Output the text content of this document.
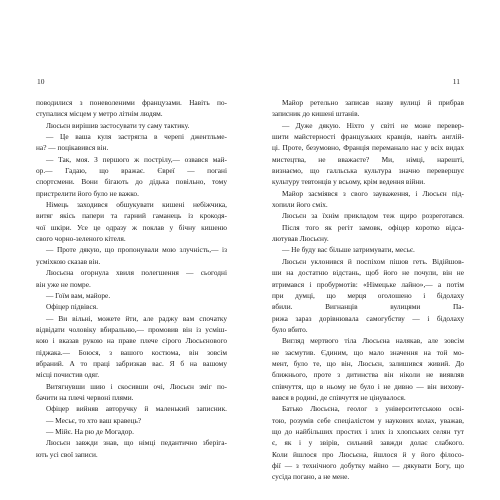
10
поводилися з поневоленими французами. Навіть по-
ступалися місцем у метро літнім людям.
Люсьєн вирішив застосувати ту саму тактику.
— Це ваша куля застрягла в черепі джентльме-
на? — поцікавився він.
— Так, моя. З першого ж пострілу,— озвався май-
ор.— Гадаю, що вражає. Євреї — погані
спортсмени. Вони бігають до дідька повільно, тому
пристрелити його було не важко.
Німець заходився обшукувати кишені небіжчика,
витяг якісь папери та гарний гаманець із крокодя-
чої шкіри. Усе це одразу ж поклав у бічну кишеню
свого чорно-зеленого кітеля.
— Проте дякую, що пропонували мою злучність,— із
усміхкою сказав він.
Люсьєна огорнула хвиля полегшення — сьогодні
він уже не помре.
— Гоїм вам, майоре.
Офіцер підвівся.
— Ви вільні, можете йти, але раджу вам спочатку
відвідати чоловіку вбиральню,— промовив він із усміш-
кою і вказав рукою на праве плече сірого Люсьєнового
піджака.— Боюся, з вашого костюма, він зовсім
вбраний. А то праці забризкав вас. Я б на вашому
місці почистив одяг.
Витягнувши шию і скосивши очі, Люсьєн зміг по-
бачити на плечі червоні плями.
Офіцер вийняв авторучку й маленький записник.
— Месьє, то хто ваш кравець?
— Мійє. На рю де Могадор.
Люсьєн завжди знав, що німці педантично зберіга-
ють усі свої записи.
11
Майор ретельно записав назву вулиці й прибрав
записник до кишені штанів.
— Дуже дякую. Ніхто у світі не може перевер-
шити майстерності французьких кравців, навіть англій-
ці. Проте, безумовно, Франція переманало нас у всіх видах
мистецтва, не вважаєте? Ми, німці, нарешті,
визнаємо, що галльська культура значно перевершує
культуру тевтонців у всьому, крім ведення війни.
Майор засміявся з свого зауваження, і Люсьєн під-
хопили його сміх.
Люсьєн за їхнім прикладом теж щиро розреготався.
Після того як регіт замовк, офіцер коротко відса-
лютував Люсьєну.
— Не буду вас більше затримувати, месьє.
Люсьєн уклонився й поспіхом пішов геть. Відійшов-
ши на достатню відстань, щоб його не почули, він не
втримався і пробурмотів: «Німецьке лайно»,— а потім
при думці, що мерця оголошено і бідолаху
вбили. Вигнанців вулицями Па-
рижа зараз дорівнювала самогубству — і бідолаху
було вбито.
Вигляд мертвого тіла Люсьєна налякав, але зовсім
не засмутив. Єдиним, що мало значення на той мо-
мент, було те, що він, Люсьєн, залишився живий. До
ближнього, проте з дитинства він ніколи не виявляв
співчуття, що в ньому не було і не дивно — він вихову-
вався в родині, де співчуття не цінувалося.
Батько Люсьєна, геолог з університетською осві-
тою, розумів себе спеціалістом у наукових колах, уважав,
що до найбільших простих і злих із хлопських селян тут
є, як і у звірів, сильний завжди долає слабкого.
Коли йшлося про Люсьєна, йшлося й у його філосо-
фії — з технічного добутку майно — дякувати Богу, що
сусіда погано, а не мене.
